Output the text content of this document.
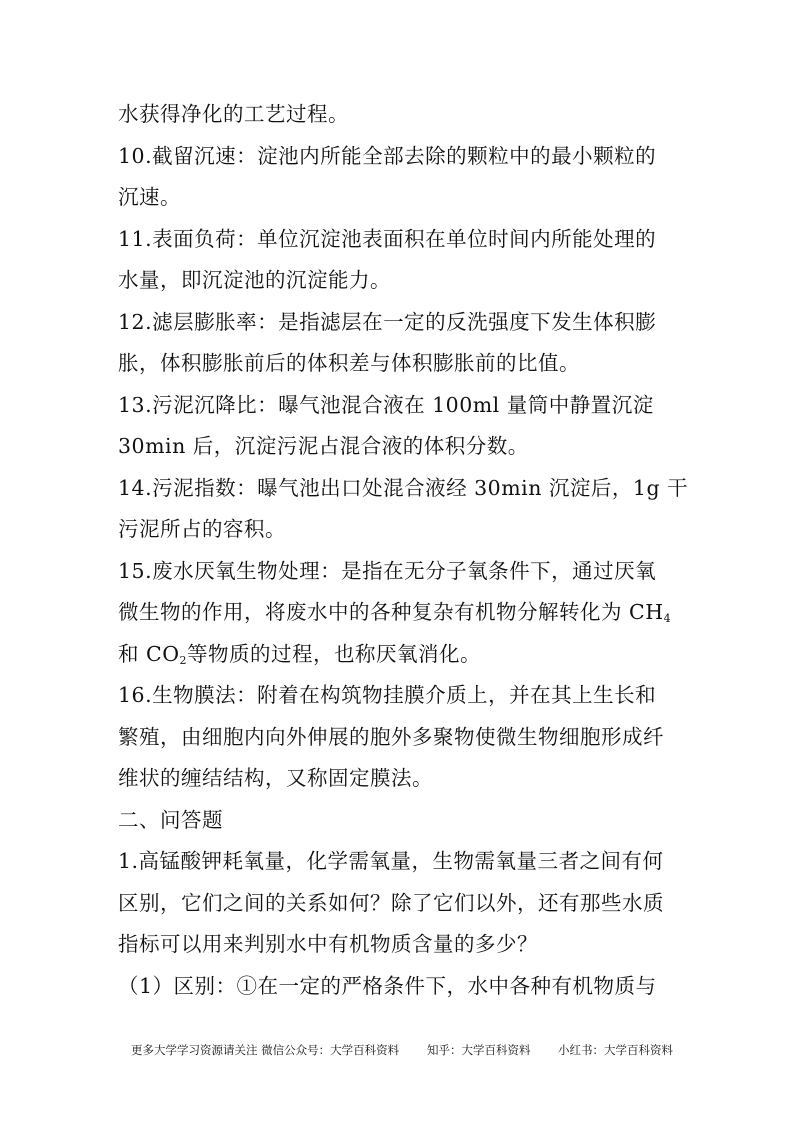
水获得净化的工艺过程。
10.截留沉速：淀池内所能全部去除的颗粒中的最小颗粒的
沉速。
11.表面负荷：单位沉淀池表面积在单位时间内所能处理的
水量，即沉淀池的沉淀能力。
12.滤层膨胀率：是指滤层在一定的反洗强度下发生体积膨
胀，体积膨胀前后的体积差与体积膨胀前的比值。
13.污泥沉降比：曝气池混合液在 100ml 量筒中静置沉淀
30min 后，沉淀污泥占混合液的体积分数。
14.污泥指数：曝气池出口处混合液经 30min 沉淀后，1g 干
污泥所占的容积。
15.废水厌氧生物处理：是指在无分子氧条件下，通过厌氧
微生物的作用，将废水中的各种复杂有机物分解转化为 $CH_4$
和 $CO_2$等物质的过程，也称厌氧消化。
16.生物膜法：附着在构筑物挂膜介质上，并在其上生长和
繁殖，由细胞内向外伸展的胞外多聚物使微生物细胞形成纤
维状的缠结结构，又称固定膜法。
二、问答题
1.高锰酸钾耗氧量，化学需氧量，生物需氧量三者之间有何
区别，它们之间的关系如何？除了它们以外，还有那些水质
指标可以用来判别水中有机物质含量的多少？
（1）区别：①在一定的严格条件下，水中各种有机物质与
更多大学学习资源请关注 微信公众号：大学百科资料 知乎：大学百科资料 小红书：大学百科资料
